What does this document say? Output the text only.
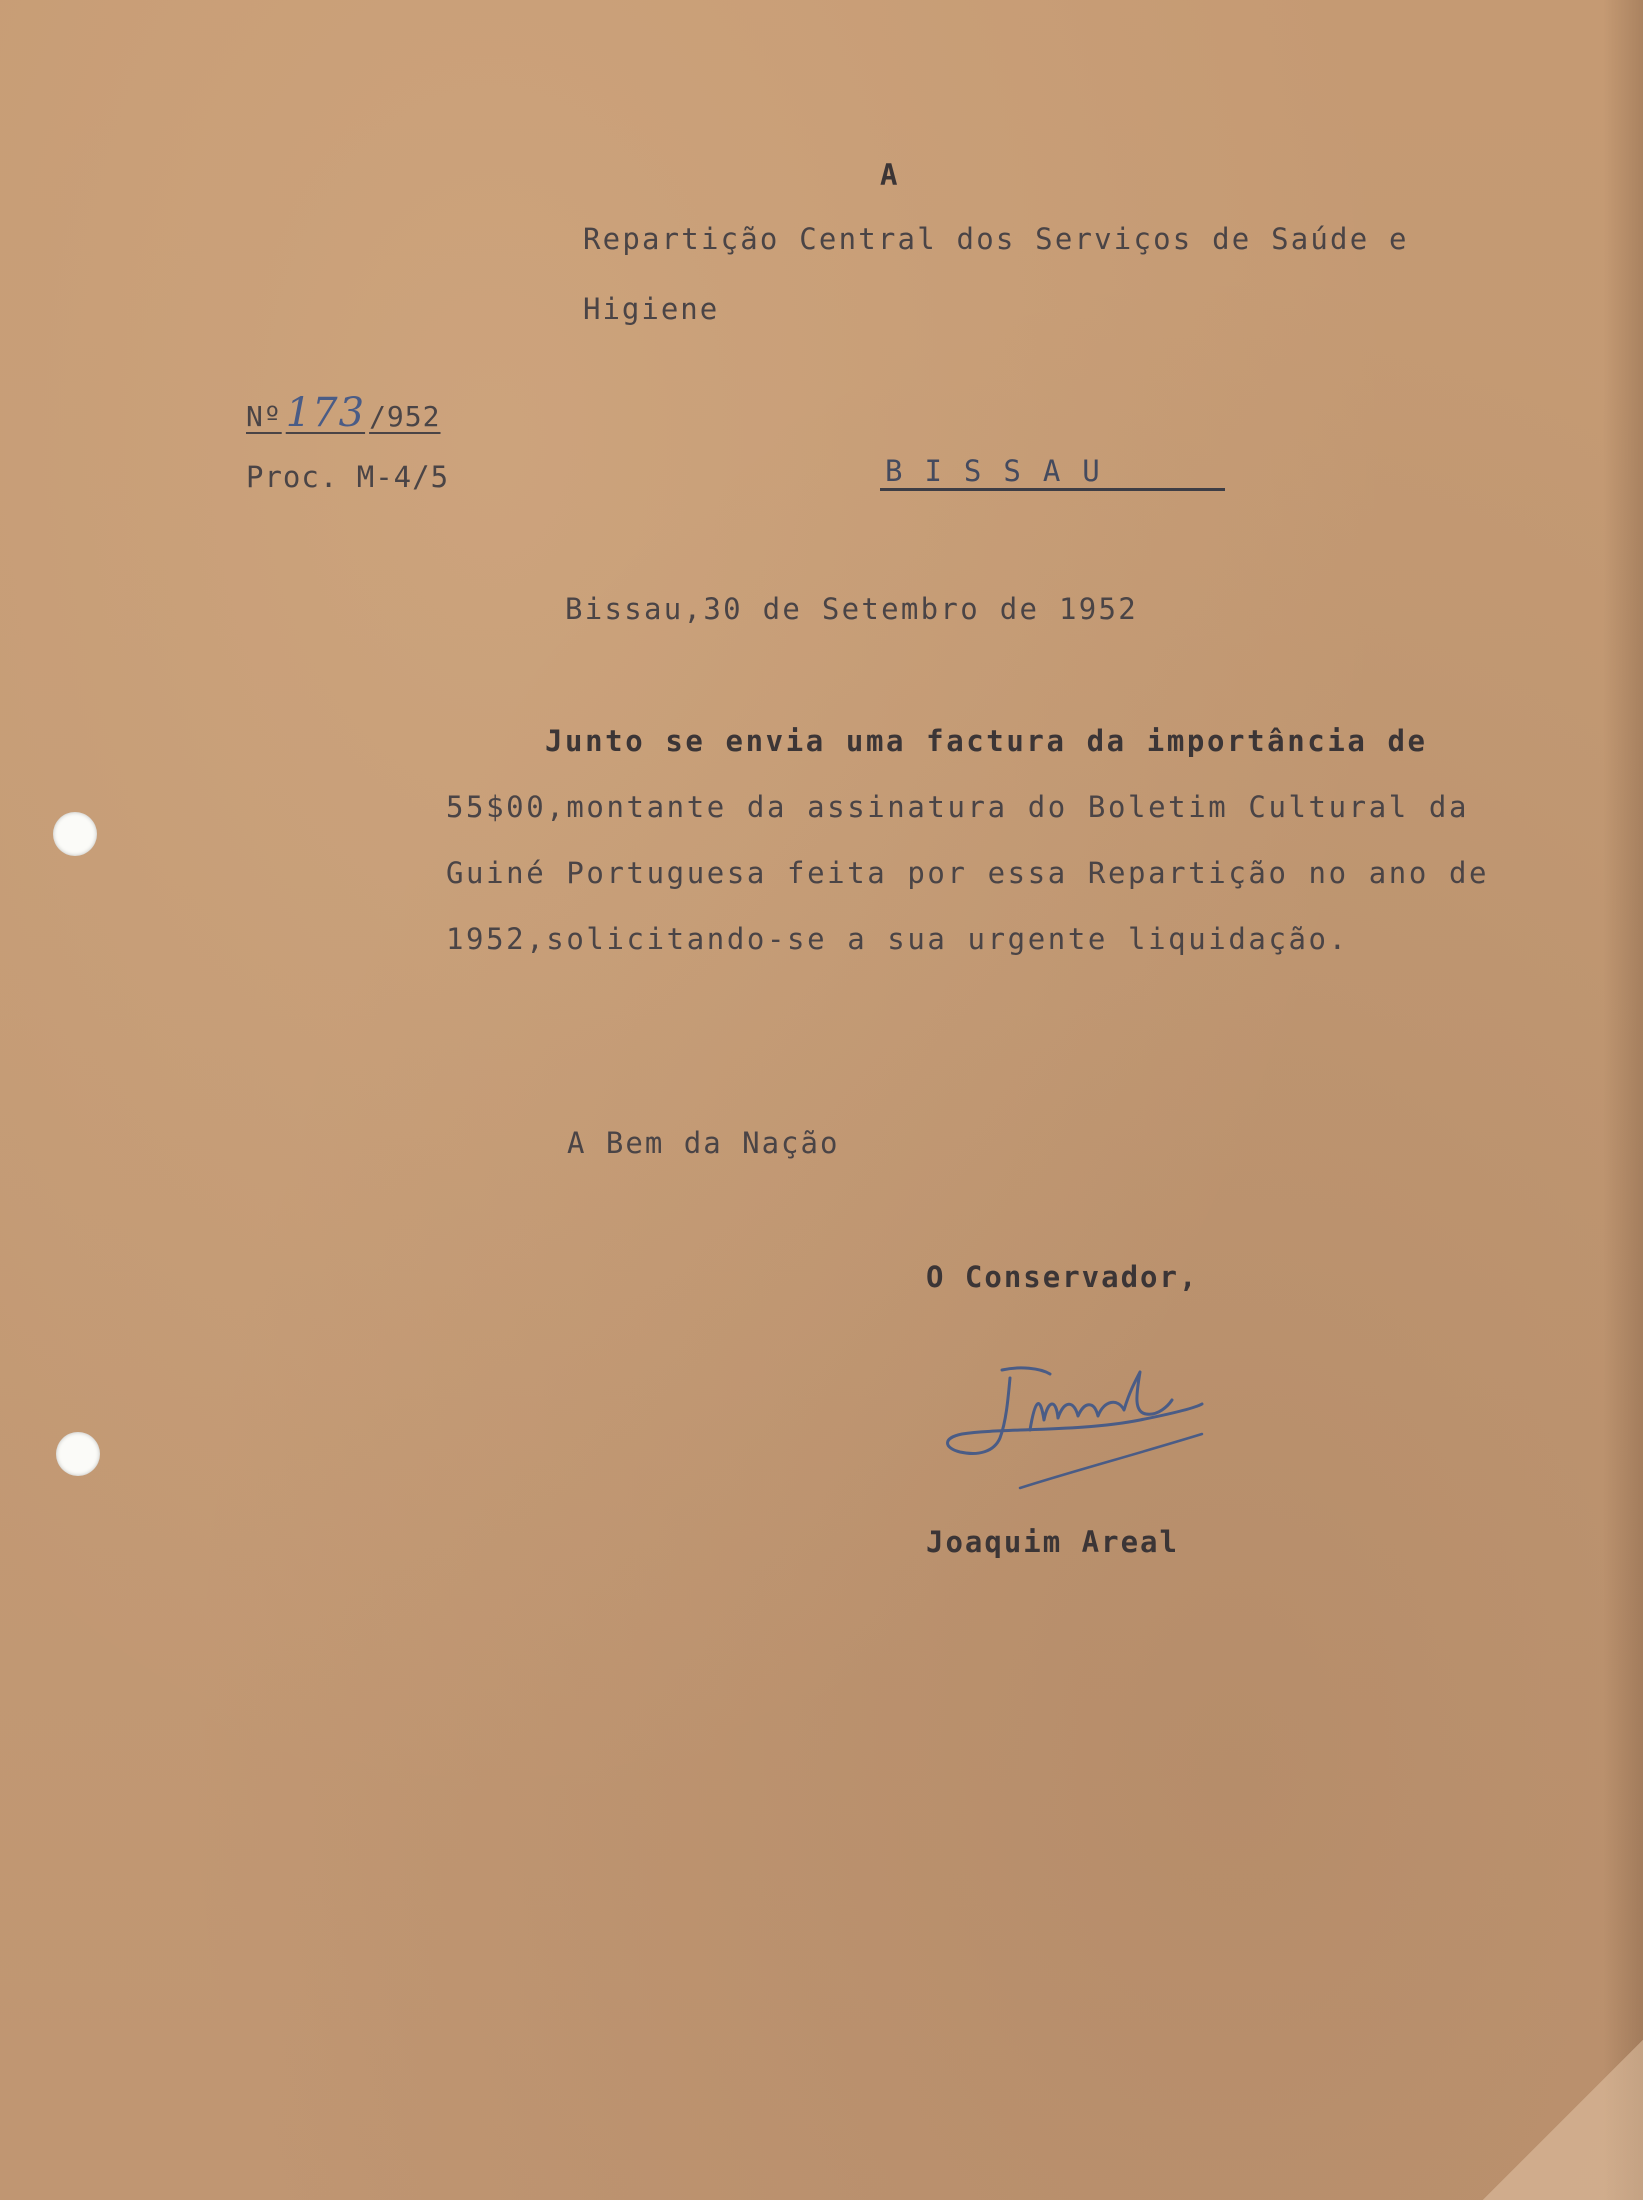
A
Repartição Central dos Serviços de Saúde e
Higiene
Nº 173 /952
Proc. M-4/5	BISSAU
Bissau,30 de Setembro de 1952
Junto se envia uma factura da importância de
55$00,montante da assinatura do Boletim Cultural da
Guiné Portuguesa feita por essa Repartição no ano de
1952,solicitando-se a sua urgente liquidação.
A Bem da Nação
O Conservador,
Joaquim Areal
